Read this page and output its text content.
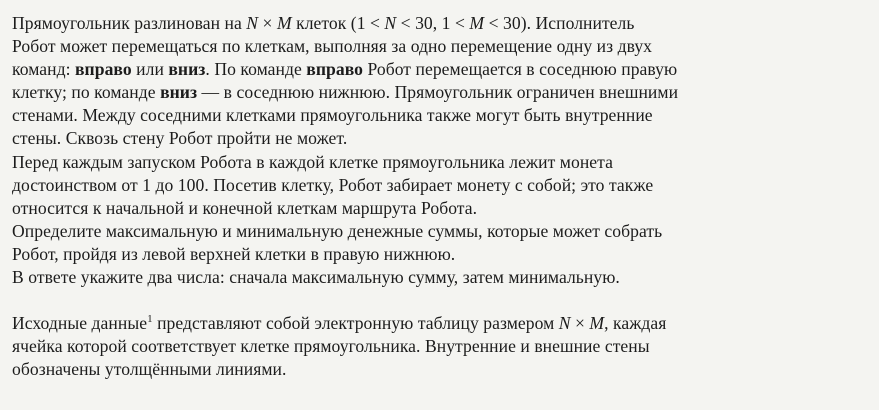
Прямоугольник разлинован на N × M клеток (1 < N < 30, 1 < M < 30). Исполнитель
Робот может перемещаться по клеткам, выполняя за одно перемещение одну из двух
команд: вправо или вниз. По команде вправо Робот перемещается в соседнюю правую
клетку; по команде вниз — в соседнюю нижнюю. Прямоугольник ограничен внешними
стенами. Между соседними клетками прямоугольника также могут быть внутренние
стены. Сквозь стену Робот пройти не может.
Перед каждым запуском Робота в каждой клетке прямоугольника лежит монета
достоинством от 1 до 100. Посетив клетку, Робот забирает монету с собой; это также
относится к начальной и конечной клеткам маршрута Робота.
Определите максимальную и минимальную денежные суммы, которые может собрать
Робот, пройдя из левой верхней клетки в правую нижнюю.
В ответе укажите два числа: сначала максимальную сумму, затем минимальную.
Исходные данные$^1$ представляют собой электронную таблицу размером N × M, каждая
ячейка которой соответствует клетке прямоугольника. Внутренние и внешние стены
обозначены утолщёнными линиями.
